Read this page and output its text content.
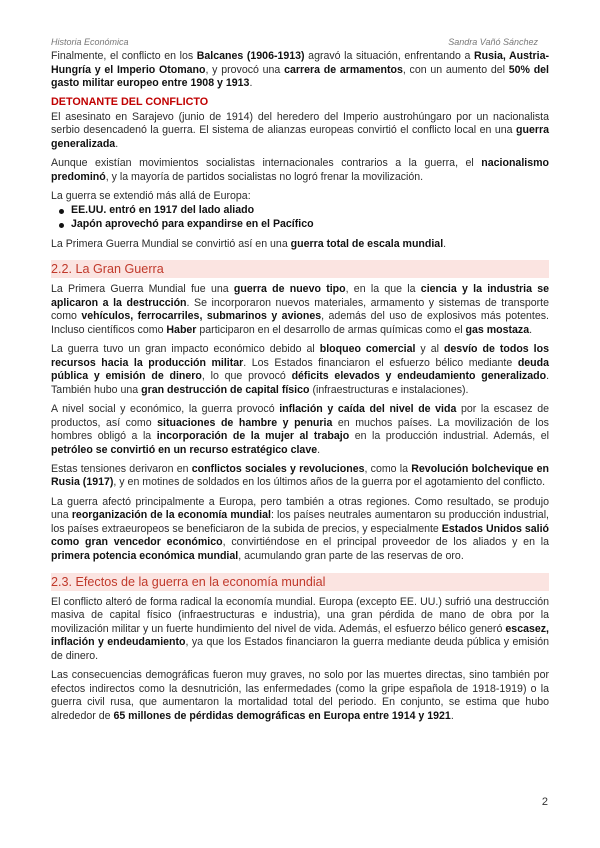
Historia Económica	Sandra Vañó Sánchez

Finalmente, el conflicto en los Balcanes (1906-1913) agravó la situación, enfrentando a Rusia, Austria-Hungría y el Imperio Otomano, y provocó una carrera de armamentos, con un aumento del 50% del gasto militar europeo entre 1908 y 1913.

DETONANTE DEL CONFLICTO

El asesinato en Sarajevo (junio de 1914) del heredero del Imperio austrohúngaro por un nacionalista serbio desencadenó la guerra. El sistema de alianzas europeas convirtió el conflicto local en una guerra generalizada.

Aunque existían movimientos socialistas internacionales contrarios a la guerra, el nacionalismo predominó, y la mayoría de partidos socialistas no logró frenar la movilización.

La guerra se extendió más allá de Europa:

EE.UU. entró en 1917 del lado aliado
Japón aprovechó para expandirse en el Pacífico

La Primera Guerra Mundial se convirtió así en una guerra total de escala mundial.

2.2. La Gran Guerra

La Primera Guerra Mundial fue una guerra de nuevo tipo, en la que la ciencia y la industria se aplicaron a la destrucción. Se incorporaron nuevos materiales, armamento y sistemas de transporte como vehículos, ferrocarriles, submarinos y aviones, además del uso de explosivos más potentes. Incluso científicos como Haber participaron en el desarrollo de armas químicas como el gas mostaza.

La guerra tuvo un gran impacto económico debido al bloqueo comercial y al desvío de todos los recursos hacia la producción militar. Los Estados financiaron el esfuerzo bélico mediante deuda pública y emisión de dinero, lo que provocó déficits elevados y endeudamiento generalizado. También hubo una gran destrucción de capital físico (infraestructuras e instalaciones).

A nivel social y económico, la guerra provocó inflación y caída del nivel de vida por la escasez de productos, así como situaciones de hambre y penuria en muchos países. La movilización de los hombres obligó a la incorporación de la mujer al trabajo en la producción industrial. Además, el petróleo se convirtió en un recurso estratégico clave.

Estas tensiones derivaron en conflictos sociales y revoluciones, como la Revolución bolchevique en Rusia (1917), y en motines de soldados en los últimos años de la guerra por el agotamiento del conflicto.

La guerra afectó principalmente a Europa, pero también a otras regiones. Como resultado, se produjo una reorganización de la economía mundial: los países neutrales aumentaron su producción industrial, los países extraeuropeos se beneficiaron de la subida de precios, y especialmente Estados Unidos salió como gran vencedor económico, convirtiéndose en el principal proveedor de los aliados y en la primera potencia económica mundial, acumulando gran parte de las reservas de oro.

2.3. Efectos de la guerra en la economía mundial

El conflicto alteró de forma radical la economía mundial. Europa (excepto EE. UU.) sufrió una destrucción masiva de capital físico (infraestructuras e industria), una gran pérdida de mano de obra por la movilización militar y un fuerte hundimiento del nivel de vida. Además, el esfuerzo bélico generó escasez, inflación y endeudamiento, ya que los Estados financiaron la guerra mediante deuda pública y emisión de dinero.

Las consecuencias demográficas fueron muy graves, no solo por las muertes directas, sino también por efectos indirectos como la desnutrición, las enfermedades (como la gripe española de 1918-1919) o la guerra civil rusa, que aumentaron la mortalidad total del periodo. En conjunto, se estima que hubo alrededor de 65 millones de pérdidas demográficas en Europa entre 1914 y 1921.

2
